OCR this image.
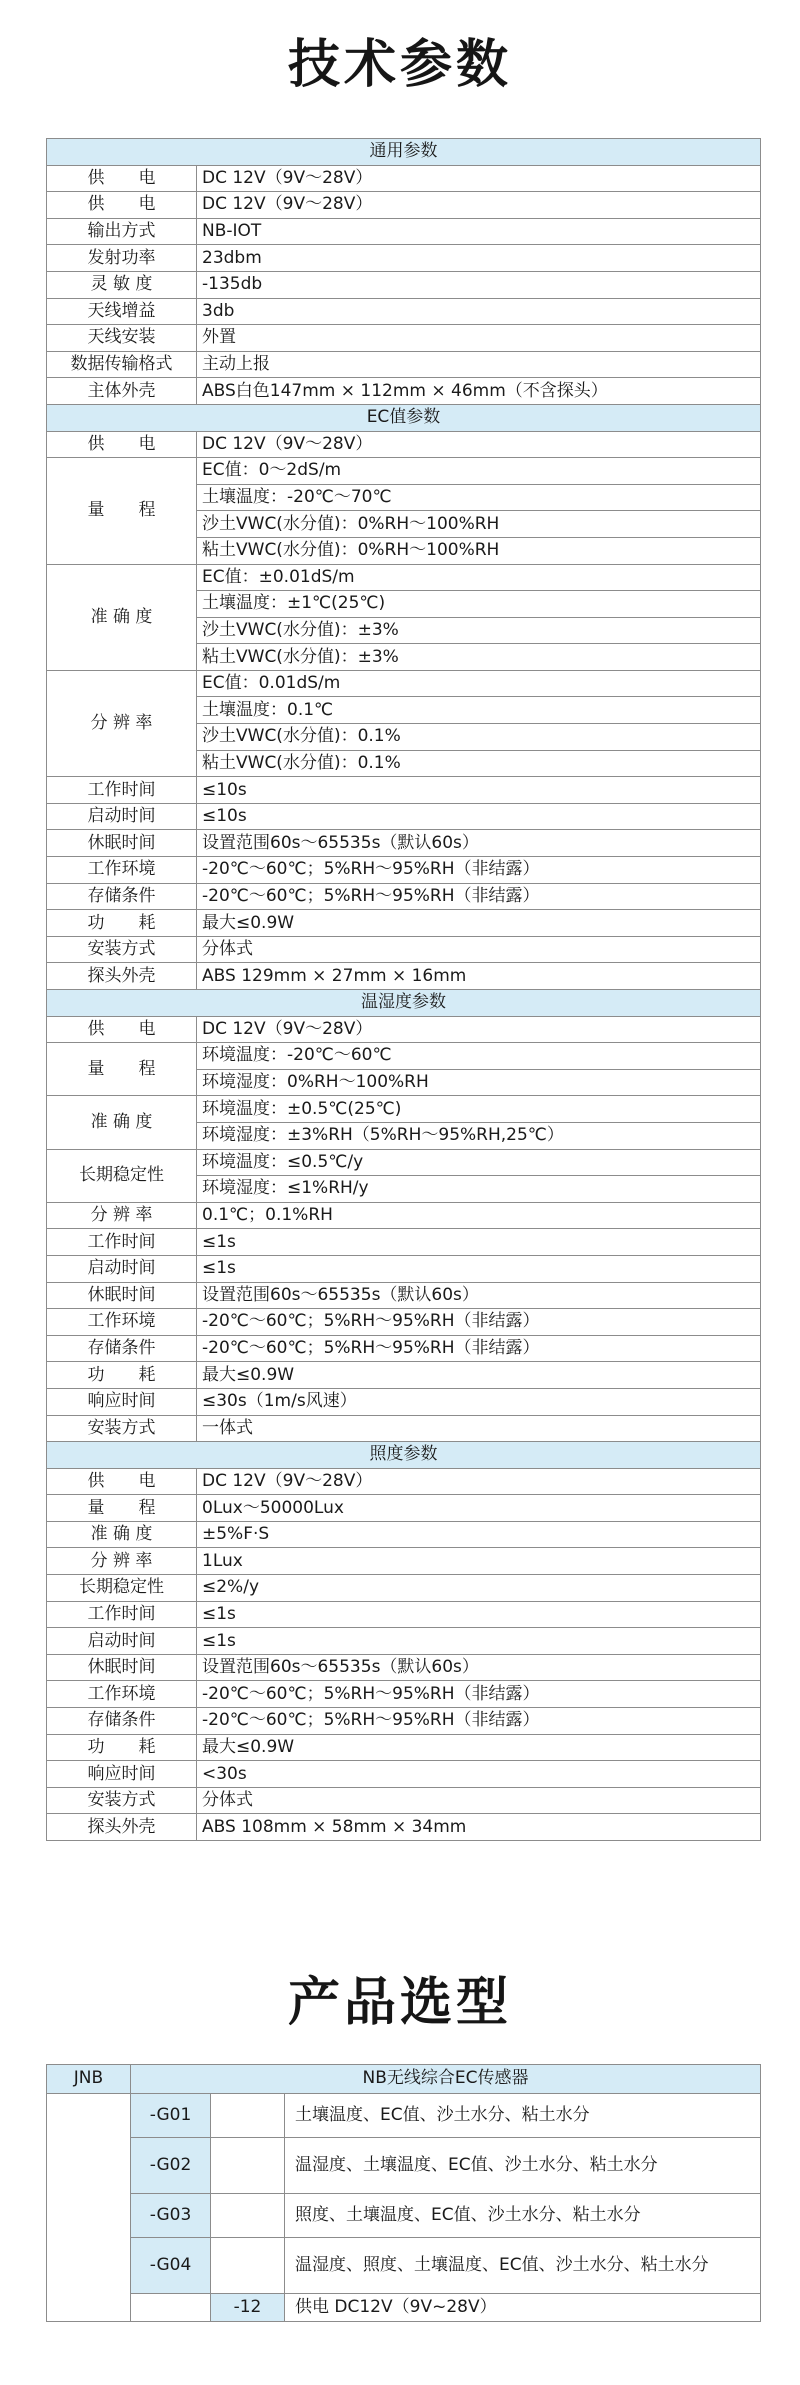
技术参数
通用参数	
供　　电	DC 12V（9V～28V）
供　　电	DC 12V（9V～28V）
输出方式	NB-IOT
发射功率	23dbm
灵 敏 度	-135db
天线增益	3db
天线安装	外置
数据传输格式	主动上报
主体外壳	ABS白色147mm × 112mm × 46mm（不含探头）
EC值参数	
供　　电	DC 12V（9V～28V）
量　　程	EC值：0～2dS/m
	土壤温度：-20℃～70℃
	沙土VWC(水分值)：0%RH～100%RH
	粘土VWC(水分值)：0%RH～100%RH
准 确 度	EC值：±0.01dS/m
	土壤温度：±1℃(25℃)
	沙土VWC(水分值)：±3%
	粘土VWC(水分值)：±3%
分 辨 率	EC值：0.01dS/m
	土壤温度：0.1℃
	沙土VWC(水分值)：0.1%
	粘土VWC(水分值)：0.1%
工作时间	≤10s
启动时间	≤10s
休眠时间	设置范围60s～65535s（默认60s）
工作环境	-20℃～60℃；5%RH～95%RH（非结露）
存储条件	-20℃～60℃；5%RH～95%RH（非结露）
功　　耗	最大≤0.9W
安装方式	分体式
探头外壳	ABS 129mm × 27mm × 16mm
温湿度参数	
供　　电	DC 12V（9V～28V）
量　　程	环境温度：-20℃～60℃
	环境湿度：0%RH～100%RH
准 确 度	环境温度：±0.5℃(25℃)
	环境湿度：±3%RH（5%RH～95%RH,25℃）
长期稳定性	环境温度：≤0.5℃/y
	环境湿度：≤1%RH/y
分 辨 率	0.1℃；0.1%RH
工作时间	≤1s
启动时间	≤1s
休眠时间	设置范围60s～65535s（默认60s）
工作环境	-20℃～60℃；5%RH～95%RH（非结露）
存储条件	-20℃～60℃；5%RH～95%RH（非结露）
功　　耗	最大≤0.9W
响应时间	≤30s（1m/s风速）
安装方式	一体式
照度参数	
供　　电	DC 12V（9V～28V）
量　　程	0Lux～50000Lux
准 确 度	±5%F·S
分 辨 率	1Lux
长期稳定性	≤2%/y
工作时间	≤1s
启动时间	≤1s
休眠时间	设置范围60s～65535s（默认60s）
工作环境	-20℃～60℃；5%RH～95%RH（非结露）
存储条件	-20℃～60℃；5%RH～95%RH（非结露）
功　　耗	最大≤0.9W
响应时间	<30s
安装方式	分体式
探头外壳	ABS 108mm × 58mm × 34mm
产品选型
JNB	NB无线综合EC传感器		
	-G01		土壤温度、EC值、沙土水分、粘土水分
	-G02		温湿度、土壤温度、EC值、沙土水分、粘土水分
	-G03		照度、土壤温度、EC值、沙土水分、粘土水分
	-G04		温湿度、照度、土壤温度、EC值、沙土水分、粘土水分
		-12	供电 DC12V（9V~28V）
